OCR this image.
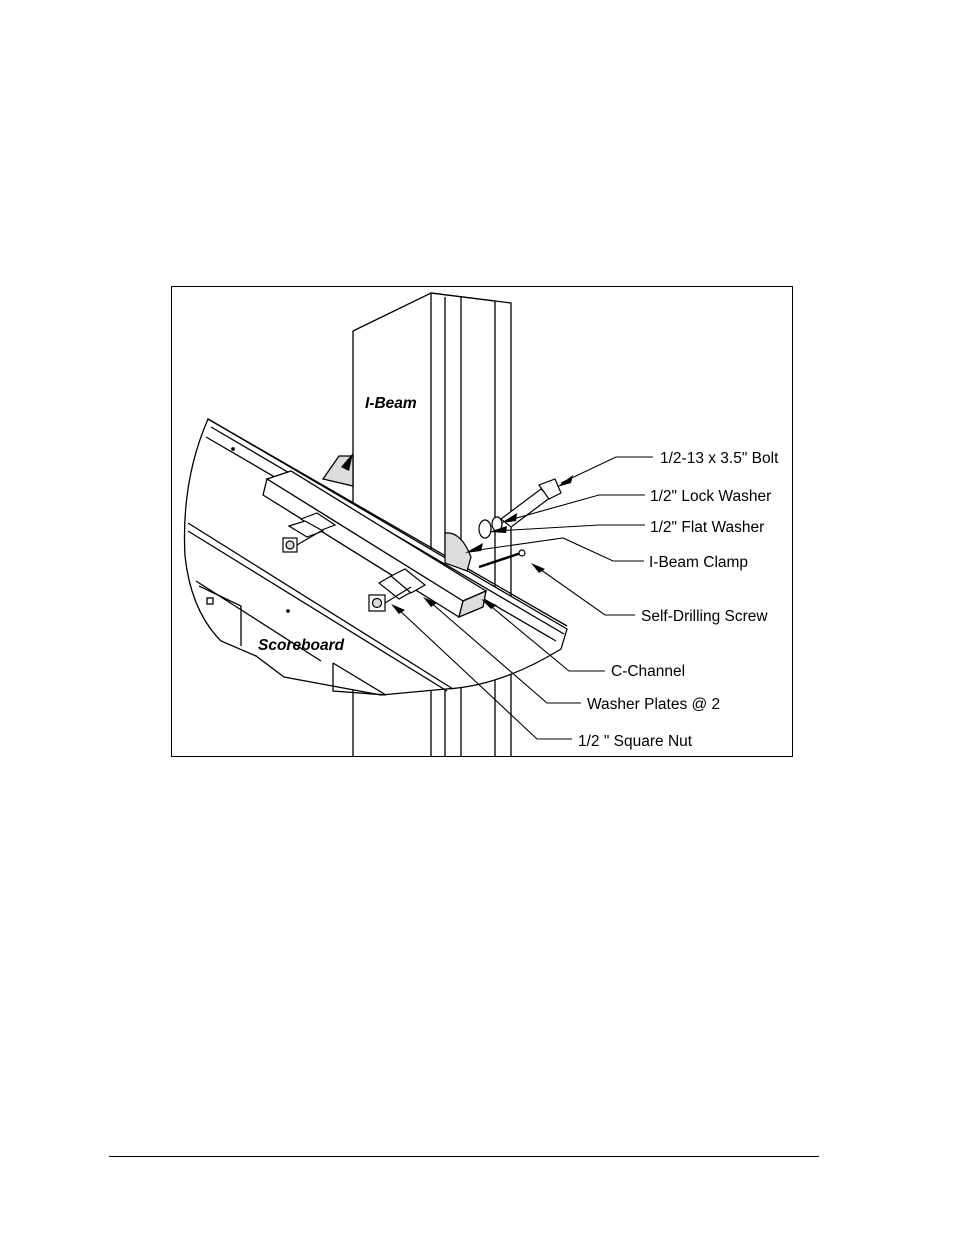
I-Beam
Scoreboard
1/2-13 x 3.5" Bolt
1/2" Lock Washer
1/2" Flat Washer
I-Beam Clamp
Self-Drilling Screw
C-Channel
Washer Plates @ 2
1/2 " Square Nut
